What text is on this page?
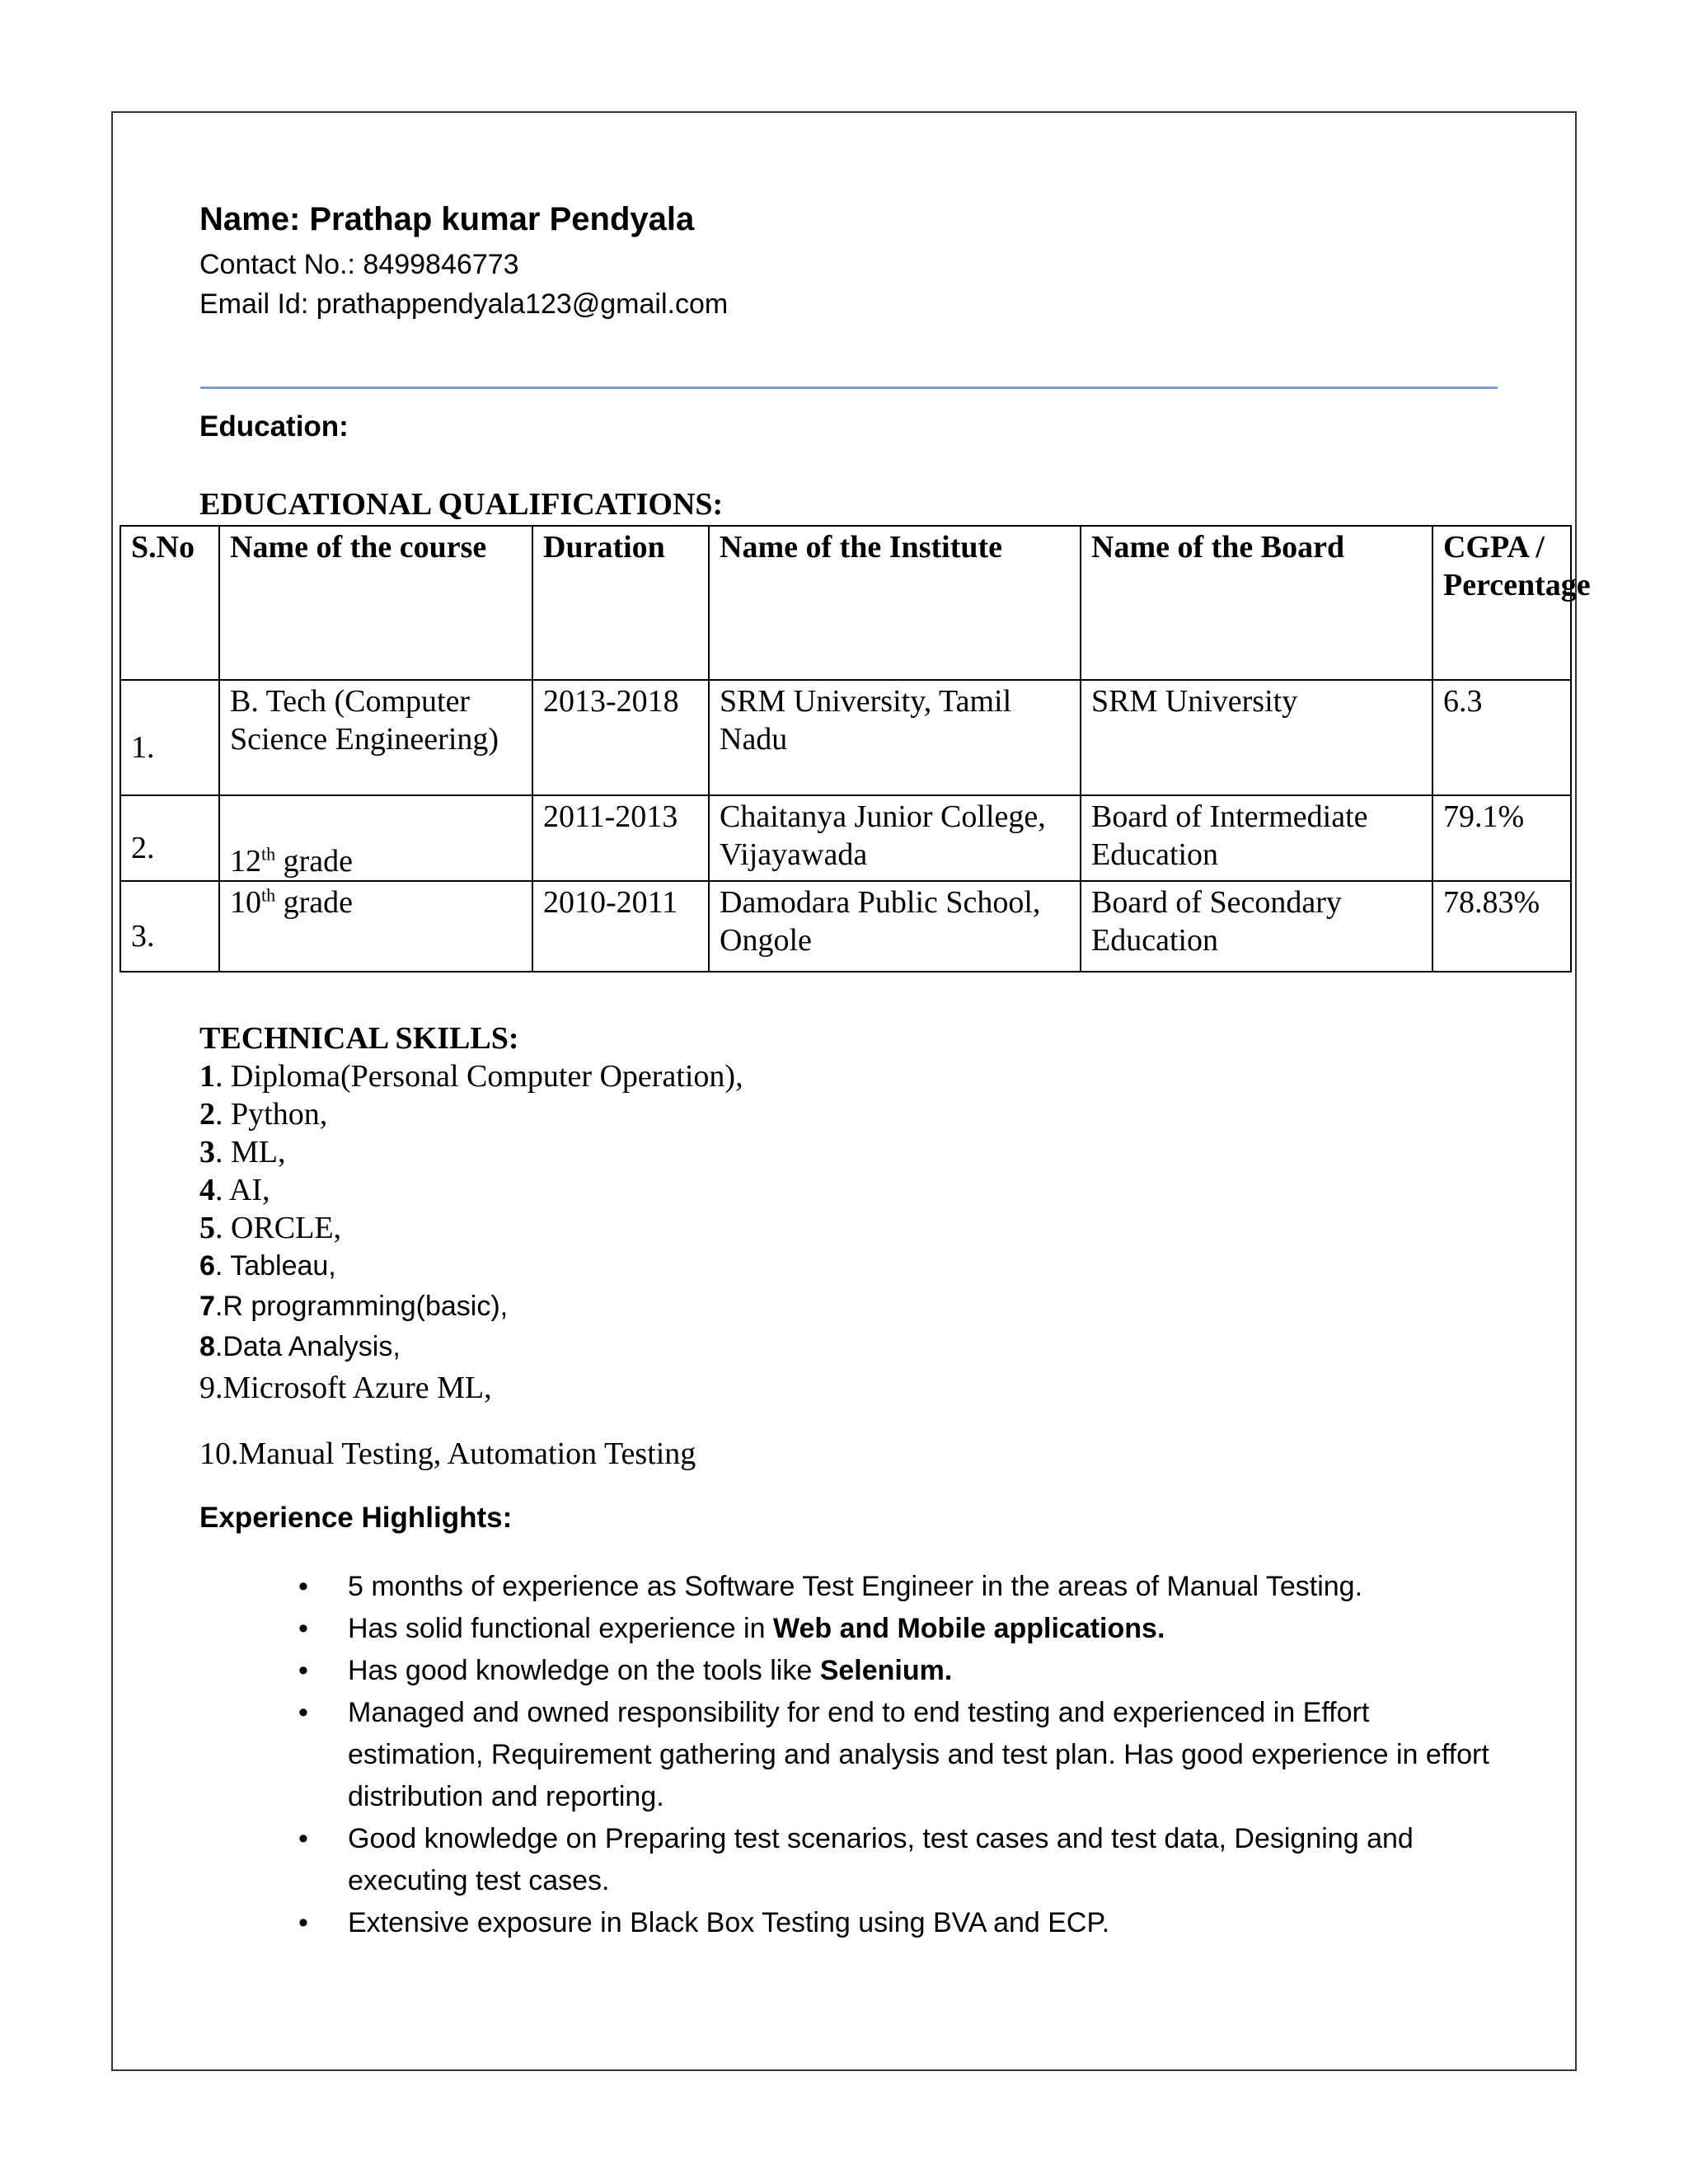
Name: Prathap kumar Pendyala

Contact No.: 8499846773

Email Id: prathappendyala123@gmail.com

Education:

EDUCATIONAL QUALIFICATIONS:

S.No	Name of the course	Duration	Name of the Institute	Name of the Board	CGPA / Percentage
1.	B. Tech (Computer Science Engineering)	2013-2018	SRM University, Tamil Nadu	SRM University	6.3
2.	12th grade	2011-2013	Chaitanya Junior College, Vijayawada	Board of Intermediate Education	79.1%
3.	10th grade	2010-2011	Damodara Public School, Ongole	Board of Secondary Education	78.83%

TECHNICAL SKILLS:

1. Diploma(Personal Computer Operation),

2. Python,

3. ML,

4. AI,

5. ORCLE,

6. Tableau,

7.R programming(basic),

8.Data Analysis,

9.Microsoft Azure ML,

10.Manual Testing, Automation Testing

Experience Highlights:

• 5 months of experience as Software Test Engineer in the areas of Manual Testing.
• Has solid functional experience in Web and Mobile applications.
• Has good knowledge on the tools like Selenium.
• Managed and owned responsibility for end to end testing and experienced in Effort estimation, Requirement gathering and analysis and test plan. Has good experience in effort distribution and reporting.
• Good knowledge on Preparing test scenarios, test cases and test data, Designing and executing test cases.
• Extensive exposure in Black Box Testing using BVA and ECP.
